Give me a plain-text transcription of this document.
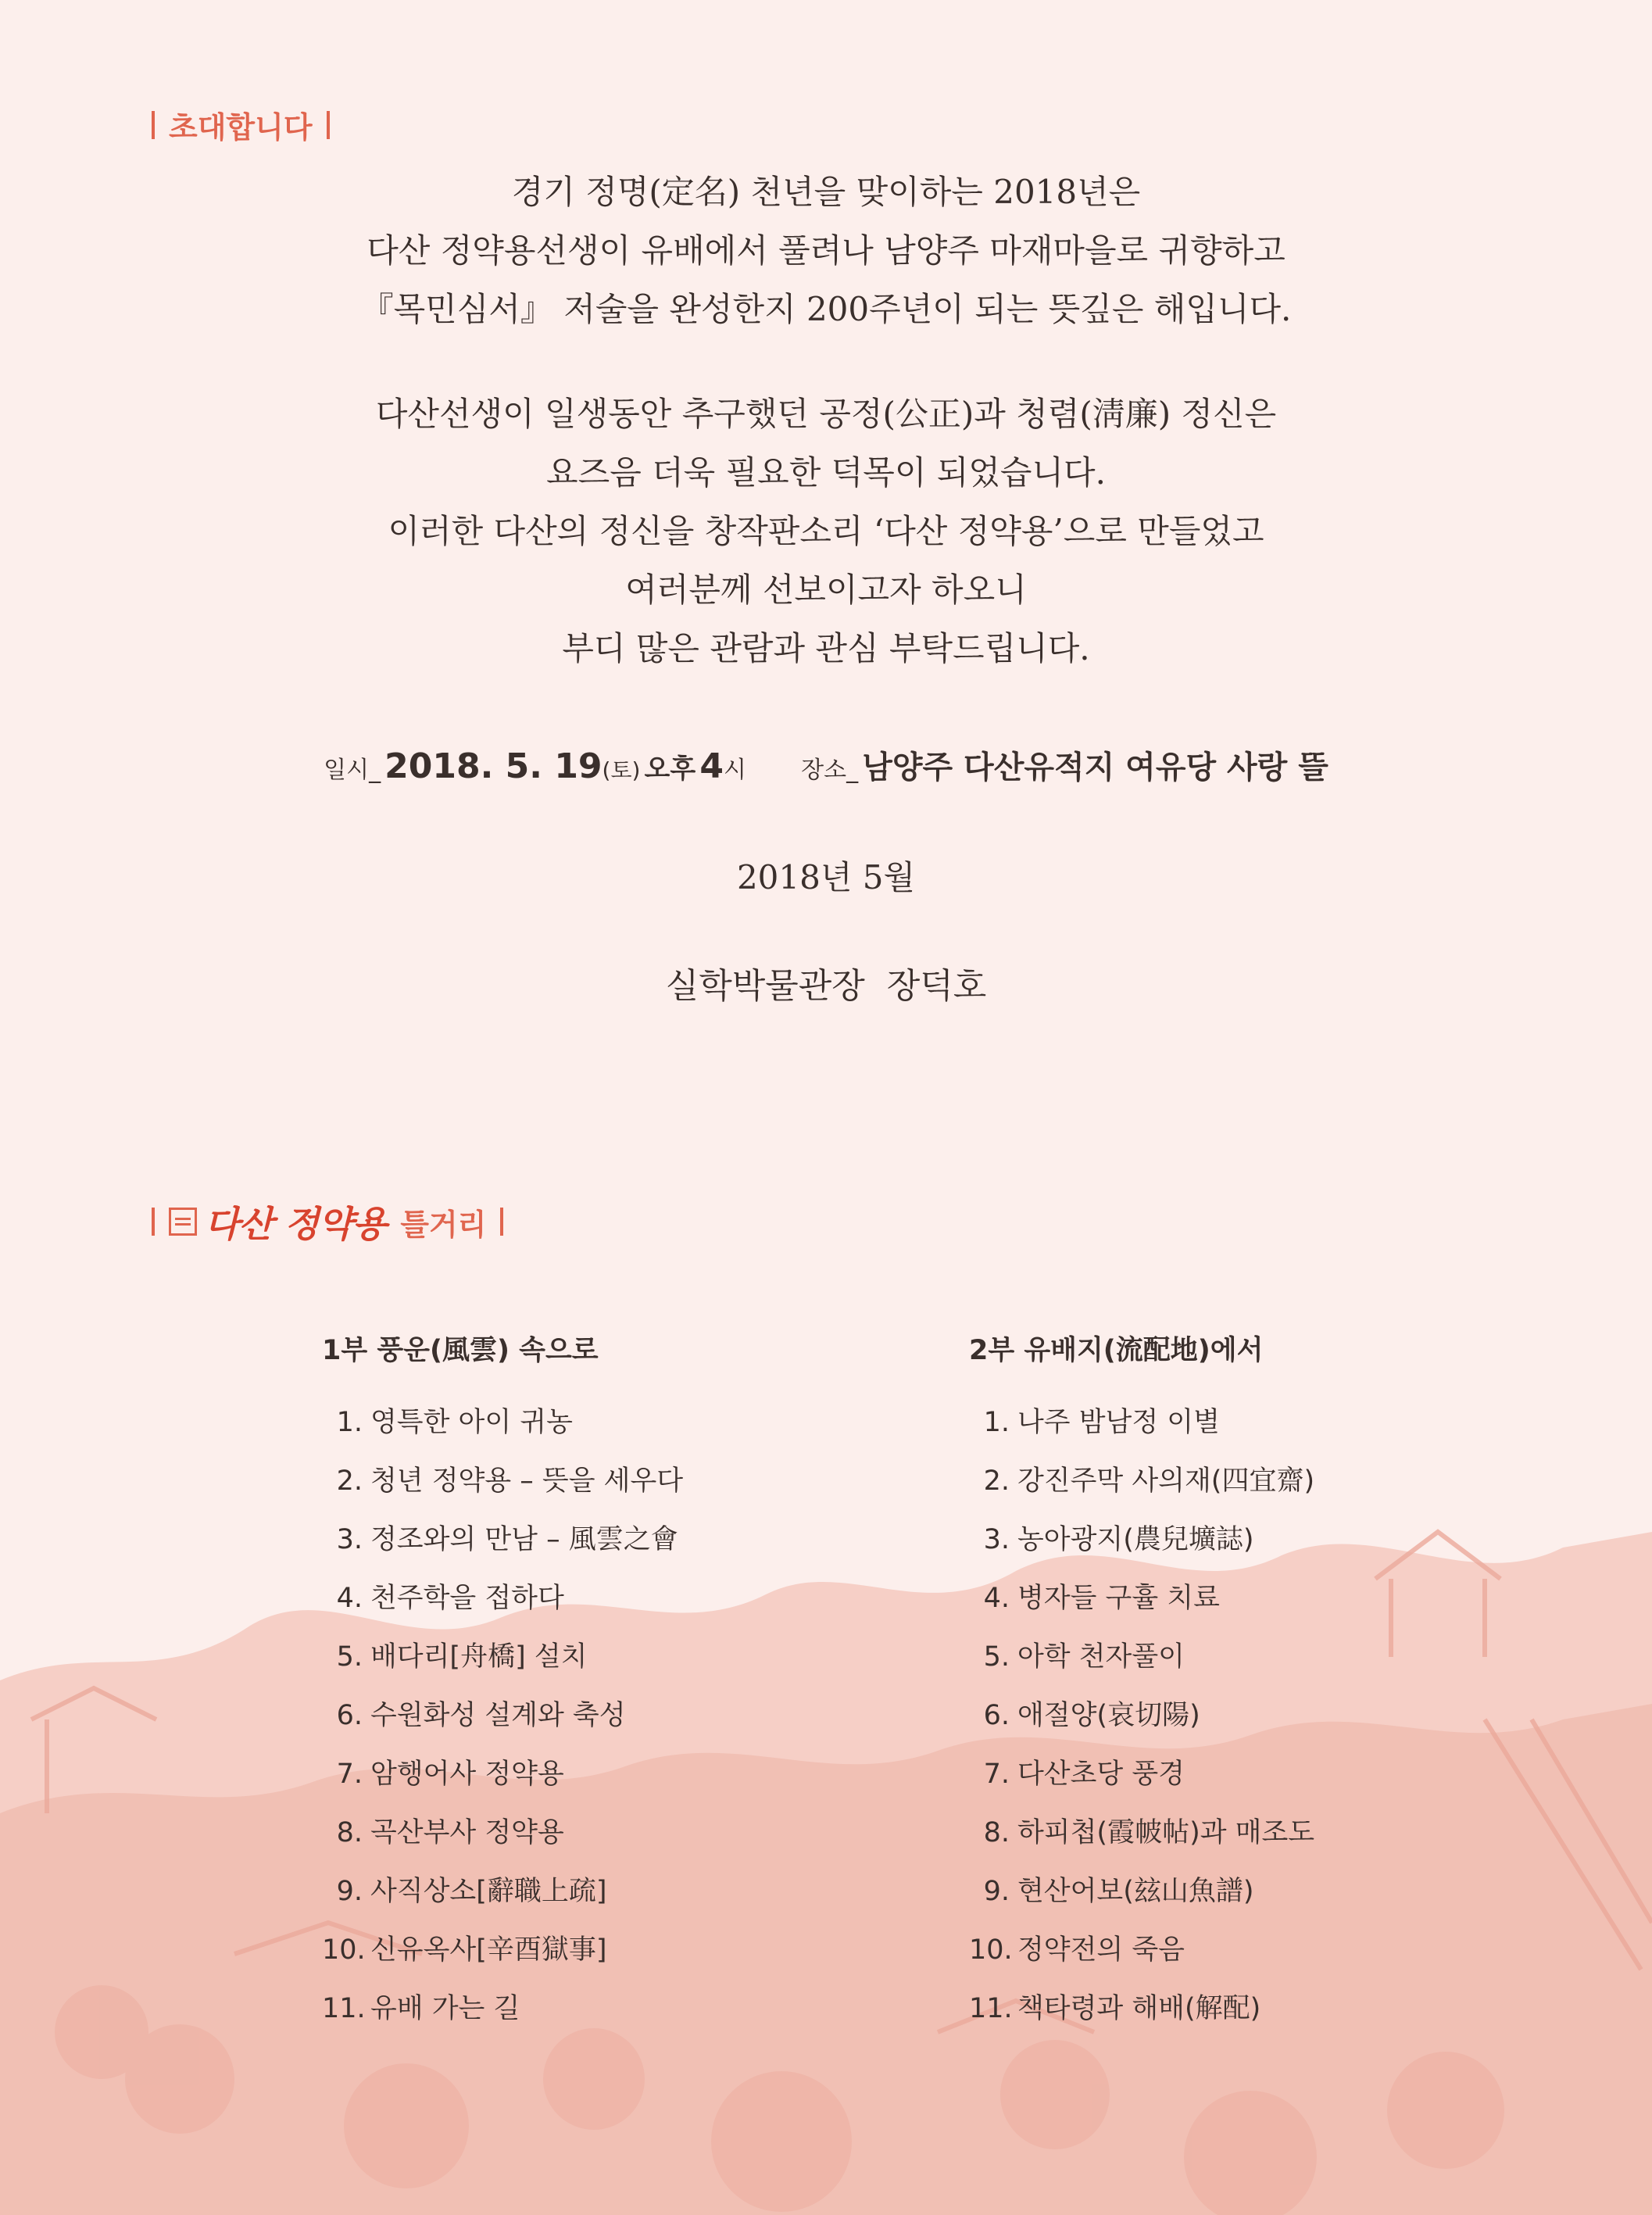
초대합니다
경기 정명(定名) 천년을 맞이하는 2018년은
다산 정약용선생이 유배에서 풀려나 남양주 마재마을로 귀향하고
『목민심서』 저술을 완성한지 200주년이 되는 뜻깊은 해입니다.
다산선생이 일생동안 추구했던 공정(公正)과 청렴(淸廉) 정신은
요즈음 더욱 필요한 덕목이 되었습니다.
이러한 다산의 정신을 창작판소리 ‘다산 정약용’으로 만들었고
여러분께 선보이고자 하오니
부디 많은 관람과 관심 부탁드립니다.
일시_ 2018. 5. 19(토) 오후 4시 장소_ 남양주 다산유적지 여유당 사랑 뜰
2018년 5월
실학박물관장  장덕호
다산 정약용 틀거리
1부 풍운(風雲) 속으로
1. 영특한 아이 귀농
2. 청년 정약용 – 뜻을 세우다
3. 정조와의 만남 – 風雲之會
4. 천주학을 접하다
5. 배다리[舟橋] 설치
6. 수원화성 설계와 축성
7. 암행어사 정약용
8. 곡산부사 정약용
9. 사직상소[辭職上疏]
10. 신유옥사[辛酉獄事]
11. 유배 가는 길
2부 유배지(流配地)에서
1. 나주 밤남정 이별
2. 강진주막 사의재(四宜齋)
3. 농아광지(農兒壙誌)
4. 병자들 구휼 치료
5. 아학 천자풀이
6. 애절양(哀切陽)
7. 다산초당 풍경
8. 하피첩(霞帔帖)과 매조도
9. 현산어보(玆山魚譜)
10. 정약전의 죽음
11. 책타령과 해배(解配)
